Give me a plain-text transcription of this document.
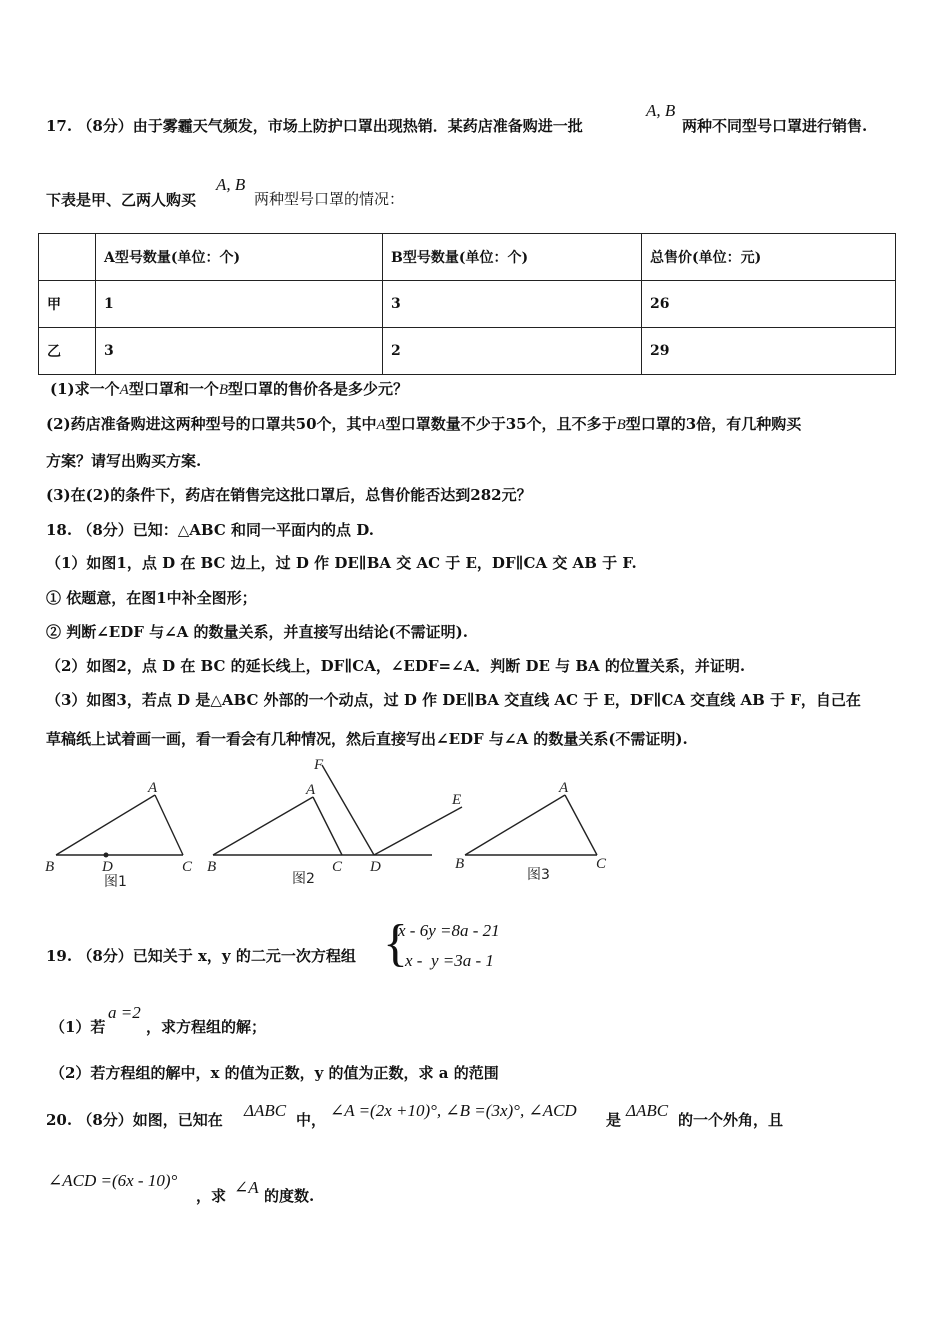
17. （8分）由于雾霾天气频发，市场上防护口罩出现热销．某药店准备购进一批
A, B
两种不同型号口罩进行销售.
下表是甲、乙两人购买
A, B
两种型号口罩的情况：
	A型号数量(单位：个)	B型号数量(单位：个)	总售价(单位：元)
甲	1	3	26
乙	3	2	29
(1)求一个A型口罩和一个B型口罩的售价各是多少元？
(2)药店准备购进这两种型号的口罩共50个，其中A型口罩数量不少于35个，且不多于B型口罩的3倍，有几种购买
方案？请写出购买方案.
(3)在(2)的条件下，药店在销售完这批口罩后，总售价能否达到282元？
18. （8分）已知：△ABC 和同一平面内的点 D.
（1）如图1，点 D 在 BC 边上，过 D 作 DE∥BA 交 AC 于 E，DF∥CA 交 AB 于 F.
① 依题意，在图1中补全图形；
② 判断∠EDF 与∠A 的数量关系，并直接写出结论(不需证明).
（2）如图2，点 D 在 BC 的延长线上，DF∥CA，∠EDF=∠A．判断 DE 与 BA 的位置关系，并证明.
（3）如图3，若点 D 是△ABC 外部的一个动点，过 D 作 DE∥BA 交直线 AC 于 E，DF∥CA 交直线 AB 于 F，自己在
草稿纸上试着画一画，看一看会有几种情况，然后直接写出∠EDF 与∠A 的数量关系(不需证明).
A
B	D	C
F
A
E
B	C D
A
B	C
图1	图2	图3
19. （8分）已知关于 x，y 的二元一次方程组 {
x - 6y =8a - 21
x -  y =3a - 1
（1）若
a =2
，求方程组的解；
（2）若方程组的解中，x 的值为正数，y 的值为正数，求 a 的范围
20. （8分）如图，已知在 ΔABC 中， ∠A =(2x +10)°, ∠B =(3x)°, ∠ACD 是 ΔABC 的一个外角，且
∠ACD =(6x - 10)°
，求 ∠A 的度数.
